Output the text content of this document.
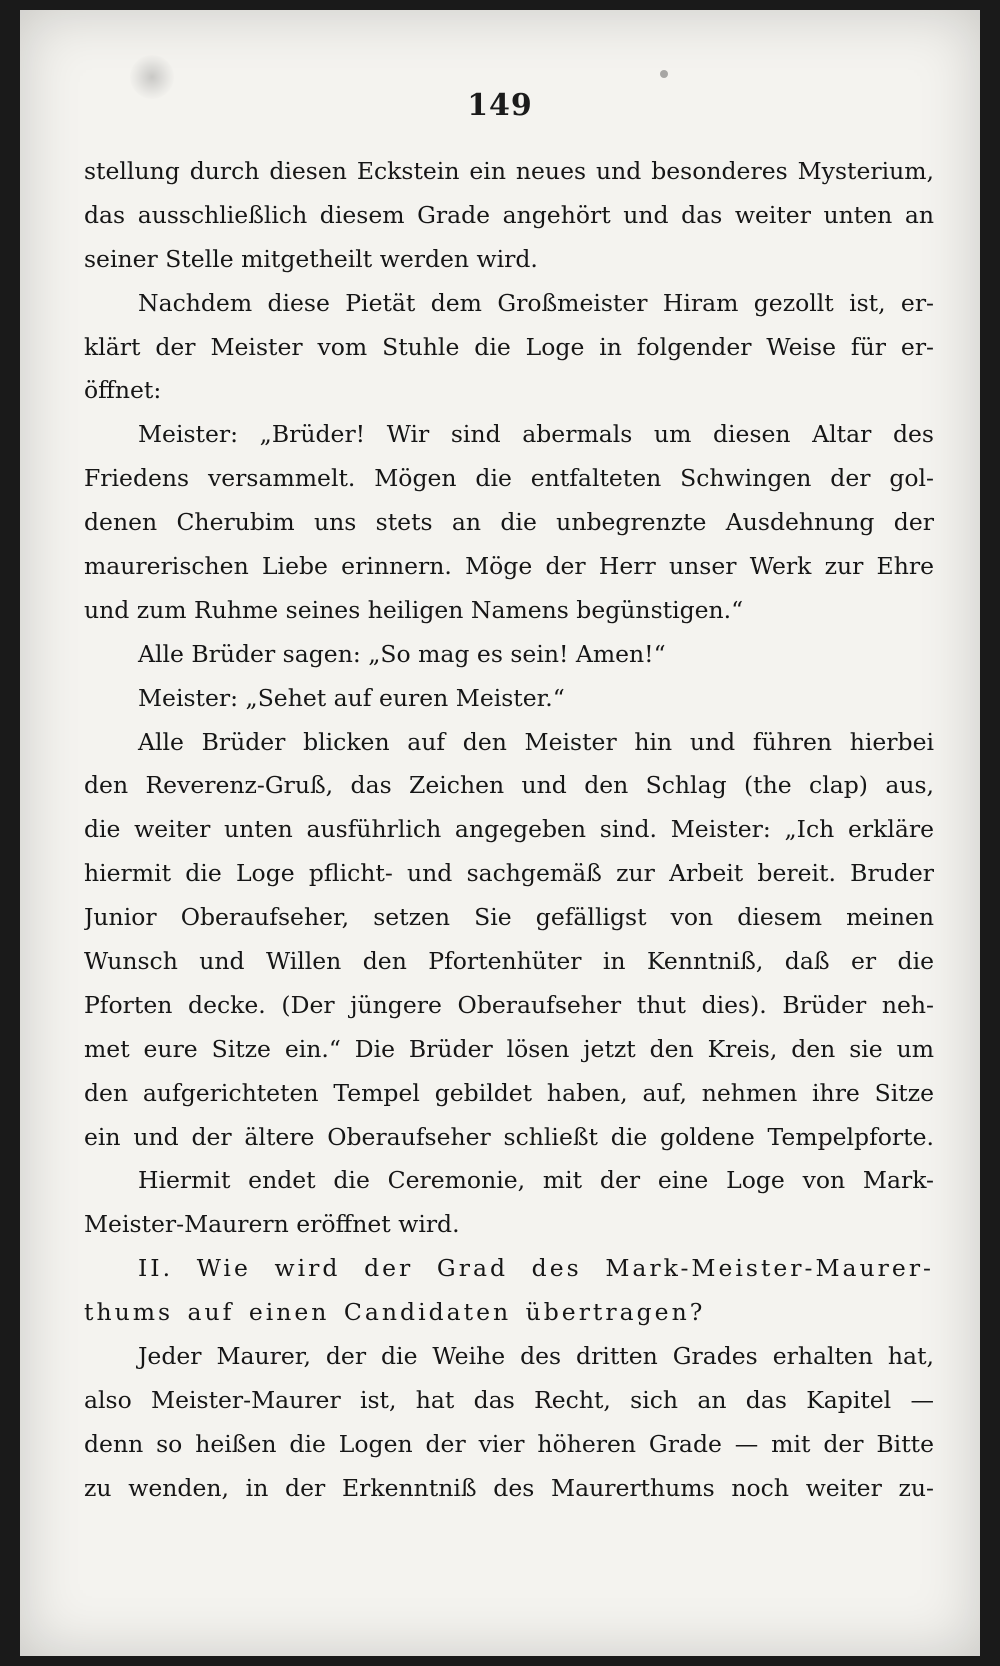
149
stellung durch diesen Eckstein ein neues und besonderes Mysterium,
das ausschließlich diesem Grade angehört und das weiter unten an
seiner Stelle mitgetheilt werden wird.
Nachdem diese Pietät dem Großmeister Hiram gezollt ist, er-
klärt der Meister vom Stuhle die Loge in folgender Weise für er-
öffnet:
Meister: „Brüder! Wir sind abermals um diesen Altar des
Friedens versammelt. Mögen die entfalteten Schwingen der gol-
denen Cherubim uns stets an die unbegrenzte Ausdehnung der
maurerischen Liebe erinnern. Möge der Herr unser Werk zur Ehre
und zum Ruhme seines heiligen Namens begünstigen.“
Alle Brüder sagen: „So mag es sein! Amen!“
Meister: „Sehet auf euren Meister.“
Alle Brüder blicken auf den Meister hin und führen hierbei
den Reverenz-Gruß, das Zeichen und den Schlag (the clap) aus,
die weiter unten ausführlich angegeben sind. Meister: „Ich erkläre
hiermit die Loge pflicht- und sachgemäß zur Arbeit bereit. Bruder
Junior Oberaufseher, setzen Sie gefälligst von diesem meinen
Wunsch und Willen den Pfortenhüter in Kenntniß, daß er die
Pforten decke. (Der jüngere Oberaufseher thut dies). Brüder neh-
met eure Sitze ein.“ Die Brüder lösen jetzt den Kreis, den sie um
den aufgerichteten Tempel gebildet haben, auf, nehmen ihre Sitze
ein und der ältere Oberaufseher schließt die goldene Tempelpforte.
Hiermit endet die Ceremonie, mit der eine Loge von Mark-
Meister-Maurern eröffnet wird.
II. Wie wird der Grad des Mark-Meister-Maurer-
thums auf einen Candidaten übertragen?
Jeder Maurer, der die Weihe des dritten Grades erhalten hat,
also Meister-Maurer ist, hat das Recht, sich an das Kapitel —
denn so heißen die Logen der vier höheren Grade — mit der Bitte
zu wenden, in der Erkenntniß des Maurerthums noch weiter zu-
